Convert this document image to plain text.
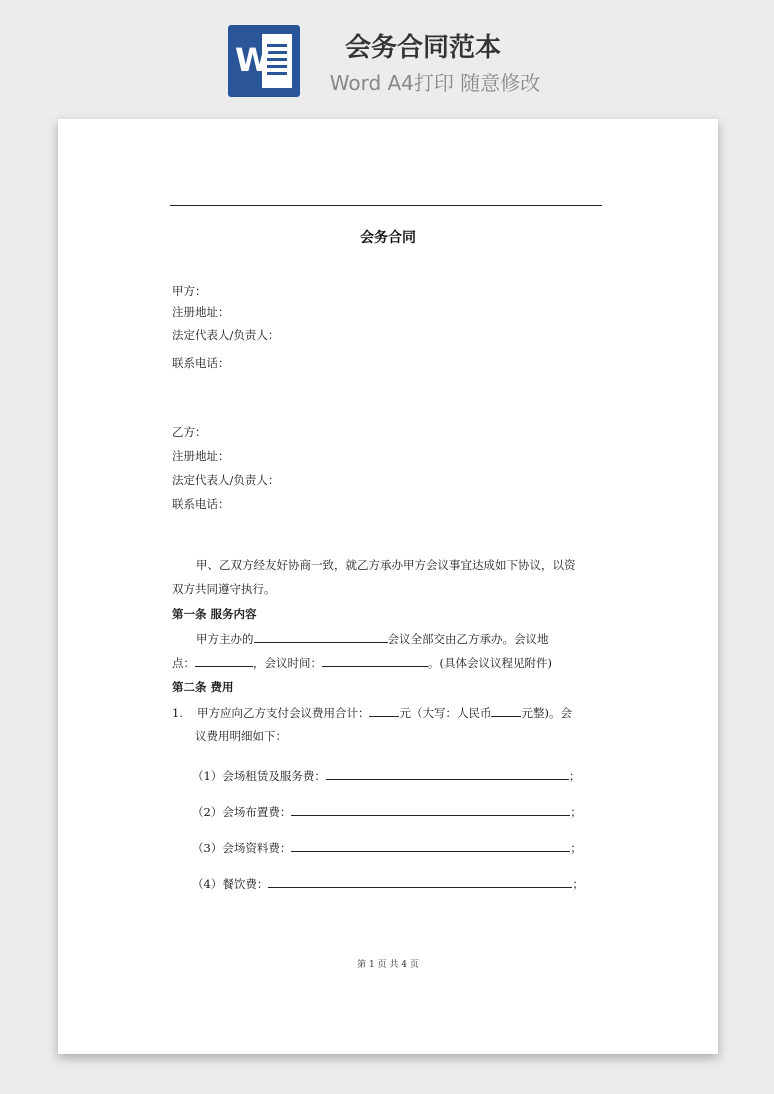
W	会务合同范本
Word A4打印 随意修改
会务合同
甲方：
注册地址：
法定代表人/负责人：
联系电话：
乙方：
注册地址：
法定代表人/负责人：
联系电话：
甲、乙双方经友好协商一致，就乙方承办甲方会议事宜达成如下协议，以资
双方共同遵守执行。
第一条 服务内容
甲方主办的	会议全部交由乙方承办。会议地
点：	，会议时间：	。(具体会议议程见附件)
第二条 费用
1. 甲方应向乙方支付会议费用合计：	元（大写：人民币	元整)。会
议费用明细如下：
（1）会场租赁及服务费：	；
（2）会场布置费：	；
（3）会场资料费：	；
（4）餐饮费：	；
第 1 页 共 4 页
